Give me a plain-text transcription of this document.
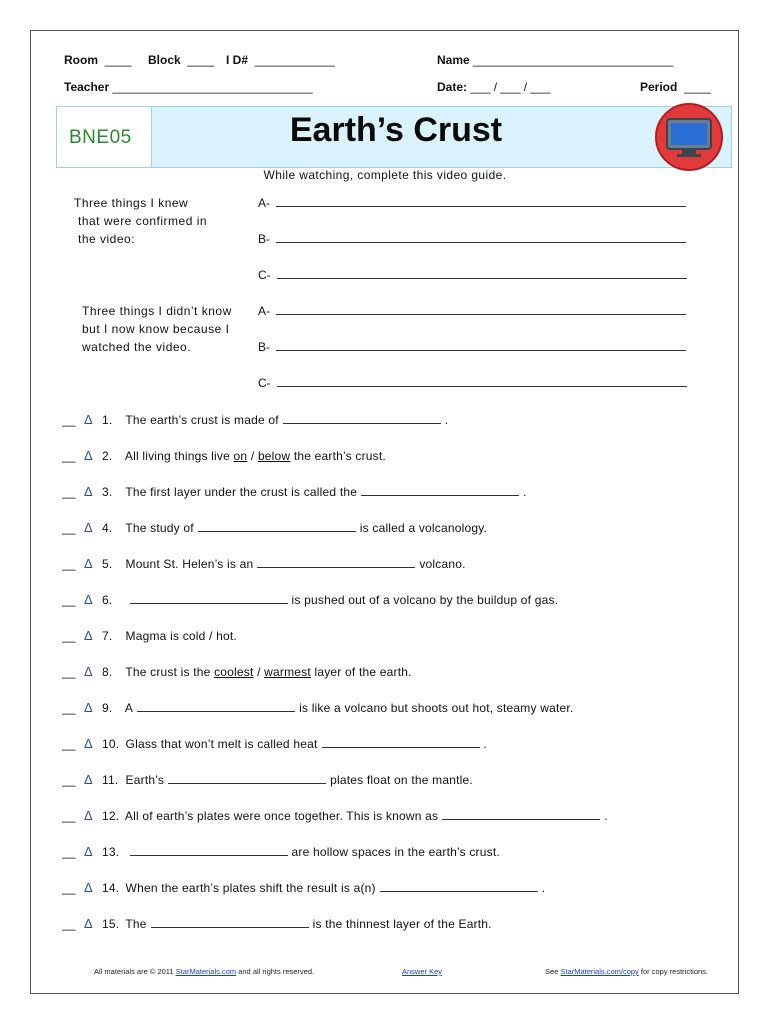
Room ____ Block ____ I D# ____________	Name ______________________________
Teacher ______________________________	Date: ___ / ___ / ___	Period ____
BNE05	Earth’s Crust
While watching, complete this video guide.
Three things I knew
that were confirmed in
the video:
A-
B-
C-
Three things I didn’t know
but I now know because I
watched the video.
A-
B-
C-
__ Δ 1. The earth’s crust is made of	.
__ Δ 2. All living things live on / below the earth’s crust.
__ Δ 3. The first layer under the crust is called the	.
__ Δ 4. The study of	is called a volcanology.
__ Δ 5. Mount St. Helen’s is an	volcano.
__ Δ 6.	is pushed out of a volcano by the buildup of gas.
__ Δ 7. Magma is cold / hot.
__ Δ 8. The crust is the coolest / warmest layer of the earth.
__ Δ 9. A	is like a volcano but shoots out hot, steamy water.
__ Δ 10. Glass that won’t melt is called heat	.
__ Δ 11. Earth’s	plates float on the mantle.
__ Δ 12. All of earth’s plates were once together. This is known as	.
__ Δ 13.	are hollow spaces in the earth’s crust.
__ Δ 14. When the earth’s plates shift the result is a(n)	.
__ Δ 15. The	is the thinnest layer of the Earth.
All materials are © 2011 StarMaterials.com and all rights reserved.	Answer Key	See StarMaterials.com/copy for copy restrictions.
